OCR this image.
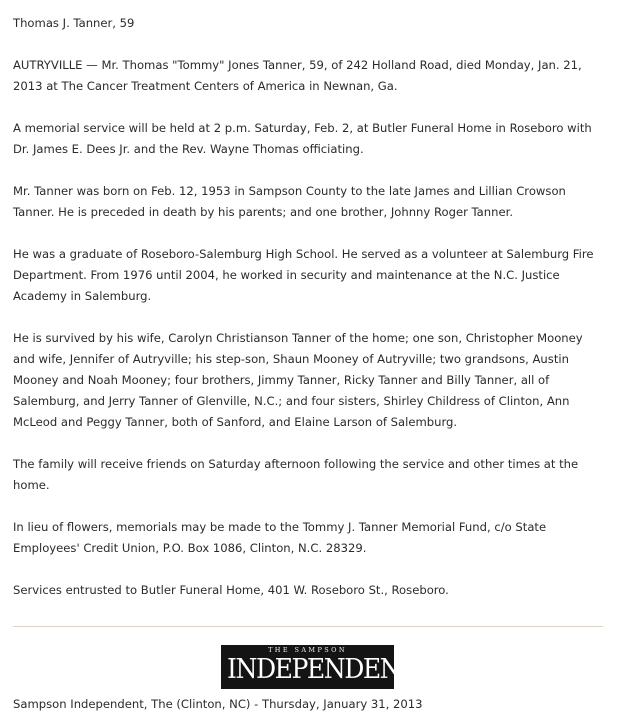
Thomas J. Tanner, 59
AUTRYVILLE — Mr. Thomas "Tommy" Jones Tanner, 59, of 242 Holland Road, died Monday, Jan. 21,
2013 at The Cancer Treatment Centers of America in Newnan, Ga.
A memorial service will be held at 2 p.m. Saturday, Feb. 2, at Butler Funeral Home in Roseboro with
Dr. James E. Dees Jr. and the Rev. Wayne Thomas officiating.
Mr. Tanner was born on Feb. 12, 1953 in Sampson County to the late James and Lillian Crowson
Tanner. He is preceded in death by his parents; and one brother, Johnny Roger Tanner.
He was a graduate of Roseboro-Salemburg High School. He served as a volunteer at Salemburg Fire
Department. From 1976 until 2004, he worked in security and maintenance at the N.C. Justice
Academy in Salemburg.
He is survived by his wife, Carolyn Christianson Tanner of the home; one son, Christopher Mooney
and wife, Jennifer of Autryville; his step-son, Shaun Mooney of Autryville; two grandsons, Austin
Mooney and Noah Mooney; four brothers, Jimmy Tanner, Ricky Tanner and Billy Tanner, all of
Salemburg, and Jerry Tanner of Glenville, N.C.; and four sisters, Shirley Childress of Clinton, Ann
McLeod and Peggy Tanner, both of Sanford, and Elaine Larson of Salemburg.
The family will receive friends on Saturday afternoon following the service and other times at the
home.
In lieu of flowers, memorials may be made to the Tommy J. Tanner Memorial Fund, c/o State
Employees' Credit Union, P.O. Box 1086, Clinton, N.C. 28329.
Services entrusted to Butler Funeral Home, 401 W. Roseboro St., Roseboro.
THE SAMPSON
INDEPENDENT
Sampson Independent, The (Clinton, NC) - Thursday, January 31, 2013
